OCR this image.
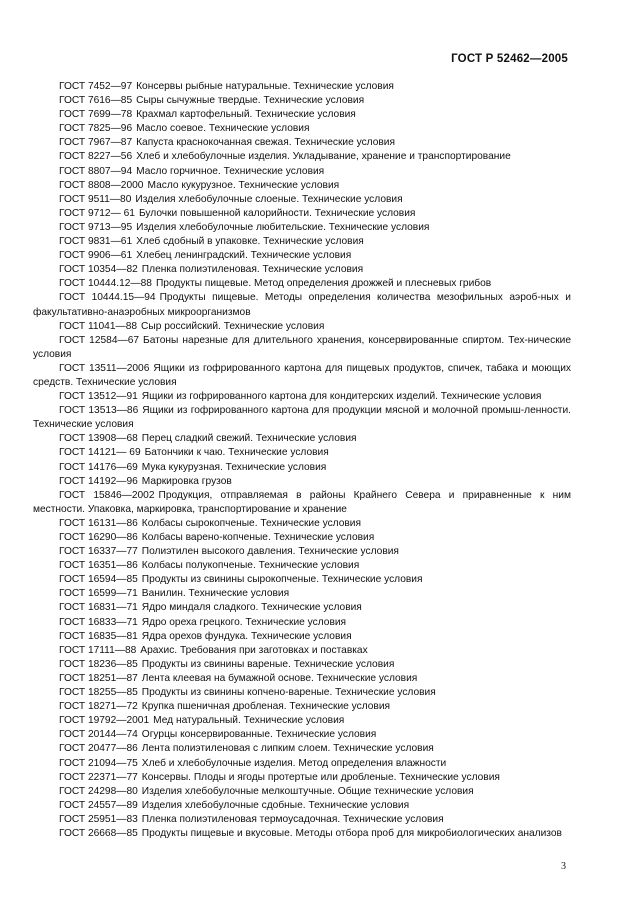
ГОСТ Р 52462—2005
ГОСТ 7452—97 Консервы рыбные натуральные. Технические условия
ГОСТ 7616—85 Сыры сычужные твердые. Технические условия
ГОСТ 7699—78 Крахмал картофельный. Технические условия
ГОСТ 7825—96 Масло соевое. Технические условия
ГОСТ 7967—87 Капуста краснокочанная свежая. Технические условия
ГОСТ 8227—56 Хлеб и хлебобулочные изделия. Укладывание, хранение и транспортирование
ГОСТ 8807—94 Масло горчичное. Технические условия
ГОСТ 8808—2000 Масло кукурузное. Технические условия
ГОСТ 9511—80 Изделия хлебобулочные слоеные. Технические условия
ГОСТ 9712— 61 Булочки повышенной калорийности. Технические условия
ГОСТ 9713—95 Изделия хлебобулочные любительские. Технические условия
ГОСТ 9831—61 Хлеб сдобный в упаковке. Технические условия
ГОСТ 9906—61 Хлебец ленинградский. Технические условия
ГОСТ 10354—82 Пленка полиэтиленовая. Технические условия
ГОСТ 10444.12—88 Продукты пищевые. Метод определения дрожжей и плесневых грибов
ГОСТ 10444.15—94 Продукты пищевые. Методы определения количества мезофильных аэроб-ных и факультативно-анаэробных микроорганизмов
ГОСТ 11041—88 Сыр российский. Технические условия
ГОСТ 12584—67 Батоны нарезные для длительного хранения, консервированные спиртом. Тех-нические условия
ГОСТ 13511—2006 Ящики из гофрированного картона для пищевых продуктов, спичек, табака и моющих средств. Технические условия
ГОСТ 13512—91 Ящики из гофрированного картона для кондитерских изделий. Технические условия
ГОСТ 13513—86 Ящики из гофрированного картона для продукции мясной и молочной промыш-ленности. Технические условия
ГОСТ 13908—68 Перец сладкий свежий. Технические условия
ГОСТ 14121— 69 Батончики к чаю. Технические условия
ГОСТ 14176—69 Мука кукурузная. Технические условия
ГОСТ 14192—96 Маркировка грузов
ГОСТ 15846—2002 Продукция, отправляемая в районы Крайнего Севера и приравненные к ним местности. Упаковка, маркировка, транспортирование и хранение
ГОСТ 16131—86 Колбасы сырокопченые. Технические условия
ГОСТ 16290—86 Колбасы варено-копченые. Технические условия
ГОСТ 16337—77 Полиэтилен высокого давления. Технические условия
ГОСТ 16351—86 Колбасы полукопченые. Технические условия
ГОСТ 16594—85 Продукты из свинины сырокопченые. Технические условия
ГОСТ 16599—71 Ванилин. Технические условия
ГОСТ 16831—71 Ядро миндаля сладкого. Технические условия
ГОСТ 16833—71 Ядро ореха грецкого. Технические условия
ГОСТ 16835—81 Ядра орехов фундука. Технические условия
ГОСТ 17111—88 Арахис. Требования при заготовках и поставках
ГОСТ 18236—85 Продукты из свинины вареные. Технические условия
ГОСТ 18251—87 Лента клеевая на бумажной основе. Технические условия
ГОСТ 18255—85 Продукты из свинины копчено-вареные. Технические условия
ГОСТ 18271—72 Крупка пшеничная дробленая. Технические условия
ГОСТ 19792—2001 Мед натуральный. Технические условия
ГОСТ 20144—74 Огурцы консервированные. Технические условия
ГОСТ 20477—86 Лента полиэтиленовая с липким слоем. Технические условия
ГОСТ 21094—75 Хлеб и хлебобулочные изделия. Метод определения влажности
ГОСТ 22371—77 Консервы. Плоды и ягоды протертые или дробленые. Технические условия
ГОСТ 24298—80 Изделия хлебобулочные мелкоштучные. Общие технические условия
ГОСТ 24557—89 Изделия хлебобулочные сдобные. Технические условия
ГОСТ 25951—83 Пленка полиэтиленовая термоусадочная. Технические условия
ГОСТ 26668—85 Продукты пищевые и вкусовые. Методы отбора проб для микробиологических анализов
3
